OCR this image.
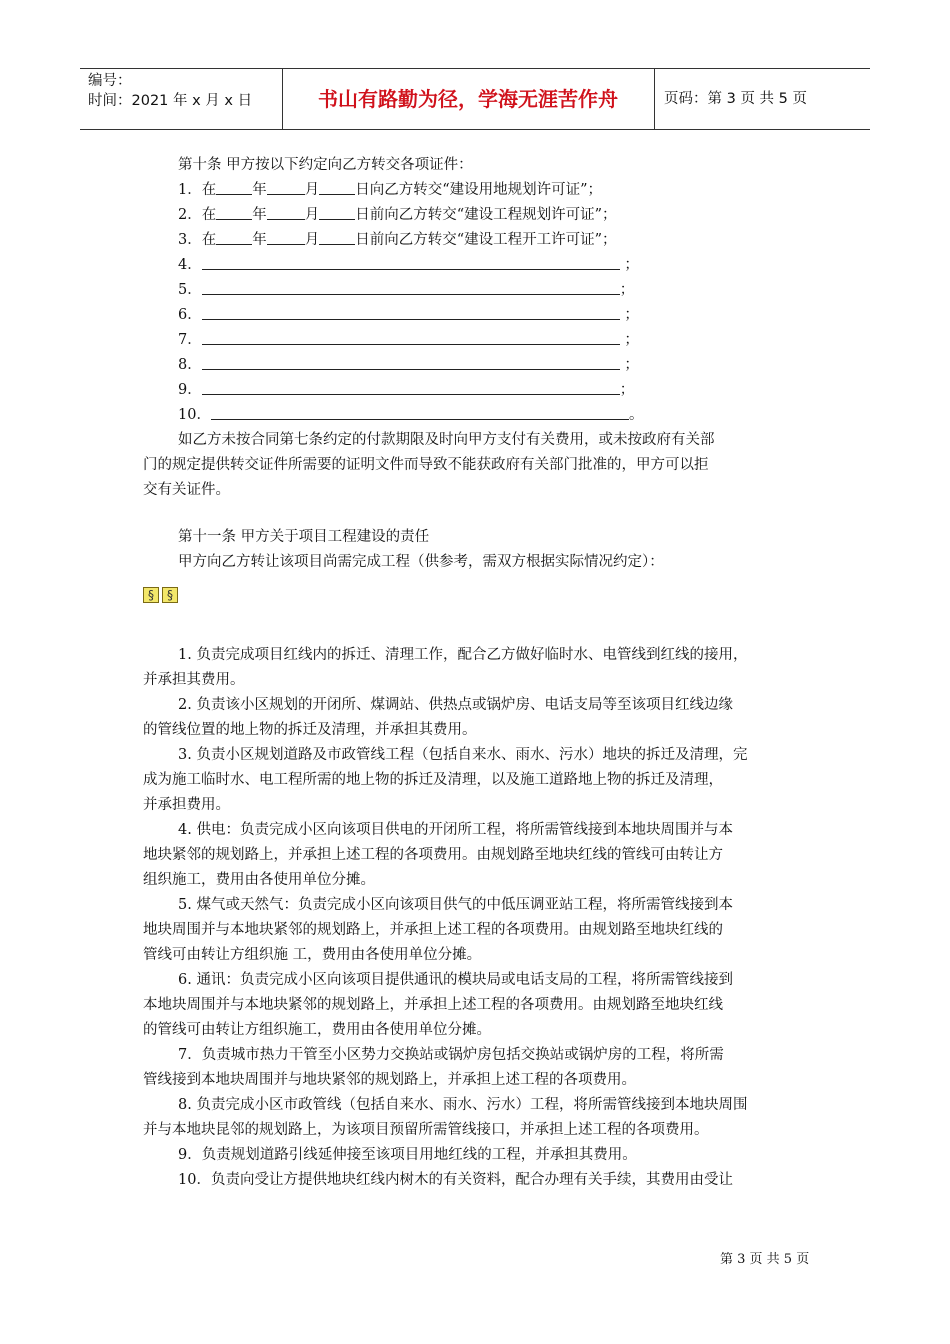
编号：
时间：2021 年 x 月 x 日	书山有路勤为径，学海无涯苦作舟	页码：第 3 页 共 5 页
第十条 甲方按以下约定向乙方转交各项证件：
1．在 年	月 日向乙方转交“建设用地规划许可证”；
2．在 年	月 日前向乙方转交“建设工程规划许可证”；
3．在 年	月 日前向乙方转交“建设工程开工许可证”；
4．	；
5．	；
6．	；
7．	；
8．	；
9．	；
10．	。
如乙方未按合同第七条约定的付款期限及时向甲方支付有关费用，或未按政府有关部
门的规定提供转交证件所需要的证明文件而导致不能获政府有关部门批准的，甲方可以拒
交有关证件。
第十一条 甲方关于项目工程建设的责任
甲方向乙方转让该项目尚需完成工程（供参考，需双方根据实际情况约定）：
§	§
1. 负责完成项目红线内的拆迁、清理工作，配合乙方做好临时水、电管线到红线的接用，
并承担其费用。
2. 负责该小区规划的开闭所、煤调站、供热点或锅炉房、电话支局等至该项目红线边缘
的管线位置的地上物的拆迁及清理，并承担其费用。
3. 负责小区规划道路及市政管线工程（包括自来水、雨水、污水）地块的拆迁及清理，完
成为施工临时水、电工程所需的地上物的拆迁及清理，以及施工道路地上物的拆迁及清理，
并承担费用。
4. 供电：负责完成小区向该项目供电的开闭所工程，将所需管线接到本地块周围并与本
地块紧邻的规划路上，并承担上述工程的各项费用。由规划路至地块红线的管线可由转让方
组织施工，费用由各使用单位分摊。
5. 煤气或天然气：负责完成小区向该项目供气的中低压调亚站工程，将所需管线接到本
地块周围并与本地块紧邻的规划路上，并承担上述工程的各项费用。由规划路至地块红线的
管线可由转让方组织施 工，费用由各使用单位分摊。
6. 通讯：负责完成小区向该项目提供通讯的模块局或电话支局的工程，将所需管线接到
本地块周围并与本地块紧邻的规划路上，并承担上述工程的各项费用。由规划路至地块红线
的管线可由转让方组织施工，费用由各使用单位分摊。
7．负责城市热力干管至小区势力交换站或锅炉房包括交换站或锅炉房的工程，将所需
管线接到本地块周围并与地块紧邻的规划路上，并承担上述工程的各项费用。
8. 负责完成小区市政管线（包括自来水、雨水、污水）工程，将所需管线接到本地块周围
并与本地块昆邻的规划路上，为该项目预留所需管线接口，并承担上述工程的各项费用。
9．负责规划道路引线延伸接至该项目用地红线的工程，并承担其费用。
10．负责向受让方提供地块红线内树木的有关资料，配合办理有关手续，其费用由受让
第 3 页 共 5 页
